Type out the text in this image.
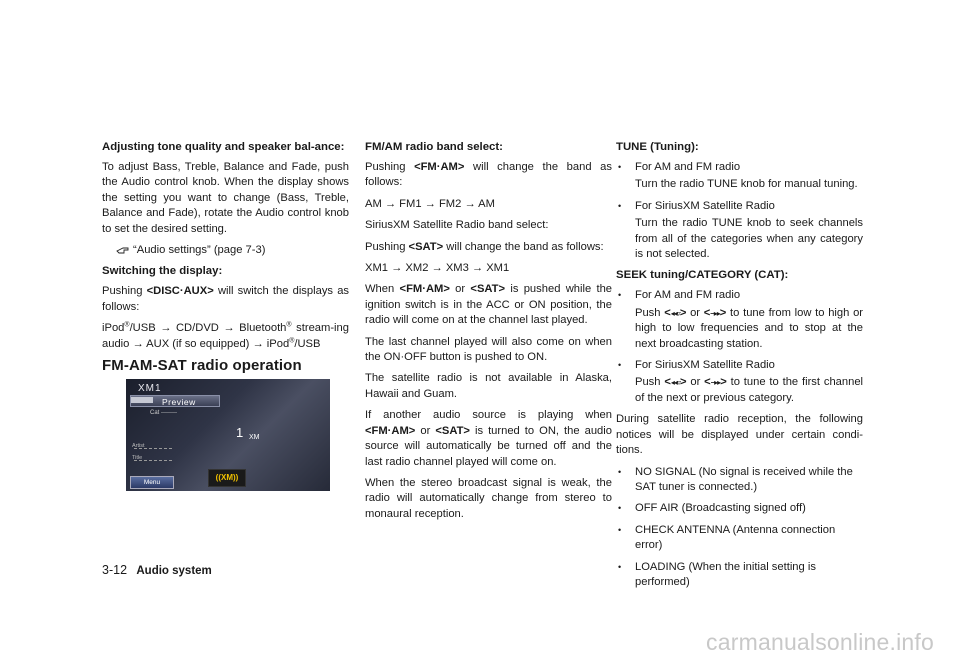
Adjusting tone quality and speaker bal-ance:

To adjust Bass, Treble, Balance and Fade, push the Audio control knob. When the display shows the setting you want to change (Bass, Treble, Balance and Fade), rotate the Audio control knob to set the desired setting.

“Audio settings” (page 7-3)
Switching the display:

Pushing <DISC·AUX> will switch the displays as follows:

iPod®/USB → CD/DVD → Bluetooth® stream-ing audio → AUX (if so equipped) → iPod®/USB

FM-AM-SAT radio operation
XM1
Preview
Cat --------
1 XM
Artist
Title
Menu
((XM))
FM/AM radio band select:

Pushing <FM·AM> will change the band as follows:

AM → FM1 → FM2 → AM

SiriusXM Satellite Radio band select:

Pushing <SAT> will change the band as follows:

XM1 → XM2 → XM3 → XM1

When <FM·AM> or <SAT> is pushed while the ignition switch is in the ACC or ON position, the radio will come on at the channel last played.

The last channel played will also come on when the ON·OFF button is pushed to ON.

The satellite radio is not available in Alaska, Hawaii and Guam.

If another audio source is playing when <FM·AM> or <SAT> is turned to ON, the audio source will automatically be turned off and the last radio channel played will come on.

When the stereo broadcast signal is weak, the radio will automatically change from stereo to monaural reception.

TUNE (Tuning):
• For AM and FM radio

Turn the radio TUNE knob for manual tuning.

• For SiriusXM Satellite Radio

Turn the radio TUNE knob to seek channels from all of the categories when any category is not selected.

SEEK tuning/CATEGORY (CAT):
• For AM and FM radio

Push <◂◂▿> or <–▸▸> to tune from low to high or high to low frequencies and to stop at the next broadcasting station.

• For SiriusXM Satellite Radio

Push <◂◂▿> or <–▸▸> to tune to the first channel of the next or previous category.

During satellite radio reception, the following notices will be displayed under certain condi-tions.

• NO SIGNAL (No signal is received while the SAT tuner is connected.)
• OFF AIR (Broadcasting signed off)
• CHECK ANTENNA (Antenna connection error)
• LOADING (When the initial setting is performed)
3-12 Audio system
carmanualsonline.info
